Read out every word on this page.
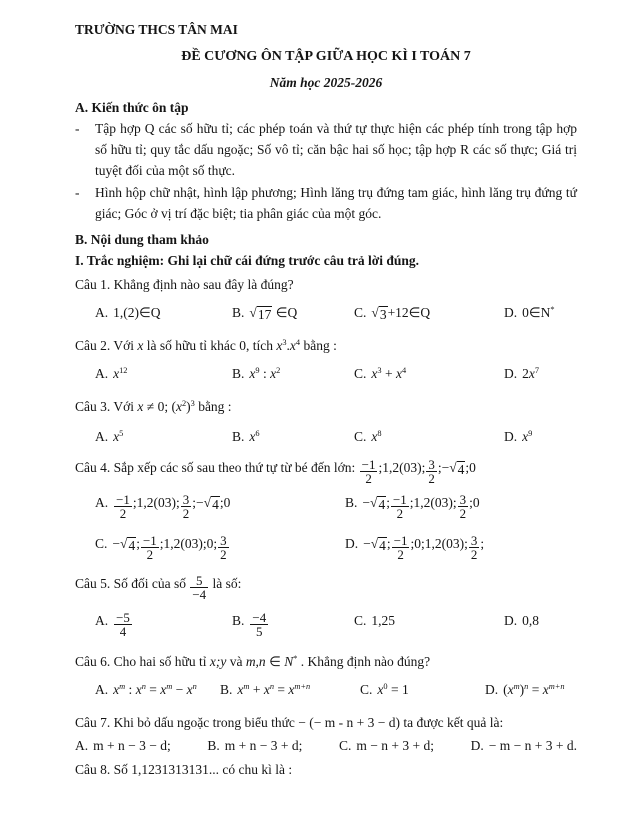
TRƯỜNG THCS TÂN MAI
ĐỀ CƯƠNG ÔN TẬP GIỮA HỌC KÌ I TOÁN 7
Năm học 2025-2026
A. Kiến thức ôn tập
-	Tập hợp Q các số hữu tỉ; các phép toán và thứ tự thực hiện các phép tính trong tập hợp số hữu tỉ; quy tắc dấu ngoặc; Số vô tỉ; căn bậc hai số học; tập hợp R các số thực; Giá trị tuyệt đối của một số thực.
-	Hình hộp chữ nhật, hình lập phương; Hình lăng trụ đứng tam giác, hình lăng trụ đứng tứ giác; Góc ở vị trí đặc biệt; tia phân giác của một góc.
B. Nội dung tham khảo
I. Trắc nghiệm: Ghi lại chữ cái đứng trước câu trả lời đúng.
Câu 1. Khẳng định nào sau đây là đúng?
A. 1,(2)∈Q	B. √ 17 ∈Q	C. √ 3 +12∈Q	D. 0∈N*
Câu 2. Với x là số hữu tỉ khác 0, tích $x^3.x^4$ bằng :
A. $x^{12}$	B. $x^9$ : $x^2$	C. $x^3 + x^4$	D. $2x^7$
Câu 3. Với x ≠ 0; $(x^2)^3$ bằng :
A. $x^5$	B. $x^6$	C. $x^8$	D. $x^9$
Câu 4. Sắp xếp các số sau theo thứ tự từ bé đến lớn: $\frac{-1}{2}$ ;1,2(03); $\frac{3}{2}$ ;− √ 4 ;0
A. $\frac{-1}{2}$ ;1,2(03); $\frac{3}{2}$ ;− √ 4 ;0	B. − √ 4 ; $\frac{-1}{2}$ ;1,2(03); $\frac{3}{2}$ ;0
C. − √ 4 ; $\frac{-1}{2}$ ;1,2(03);0; $\frac{3}{2}$	D. − √ 4 ; $\frac{-1}{2}$ ;0;1,2(03); $\frac{3}{2}$ ;
Câu 5. Số đối của số $\frac{5}{-4}$ là số:
A. $\frac{-5}{4}$	B. $\frac{-4}{5}$	C. 1,25	D. 0,8
Câu 6. Cho hai số hữu tỉ x;y và m,n ∈ N* . Khẳng định nào đúng?
A. $x^m$ : $x^n = x^m - x^n$	B. $x^m + x^n = x^{m+n}$	C. $x^0 = 1$	D. $(x^m)^n = x^{m+n}$
Câu 7. Khi bỏ dấu ngoặc trong biểu thức − (− m - n + 3 − d) ta được kết quả là:
A. m + n − 3 − d;	B. m + n − 3 + d;	C. m − n + 3 + d;	D. − m − n + 3 + d.
Câu 8. Số 1,1231313131... có chu kì là :
